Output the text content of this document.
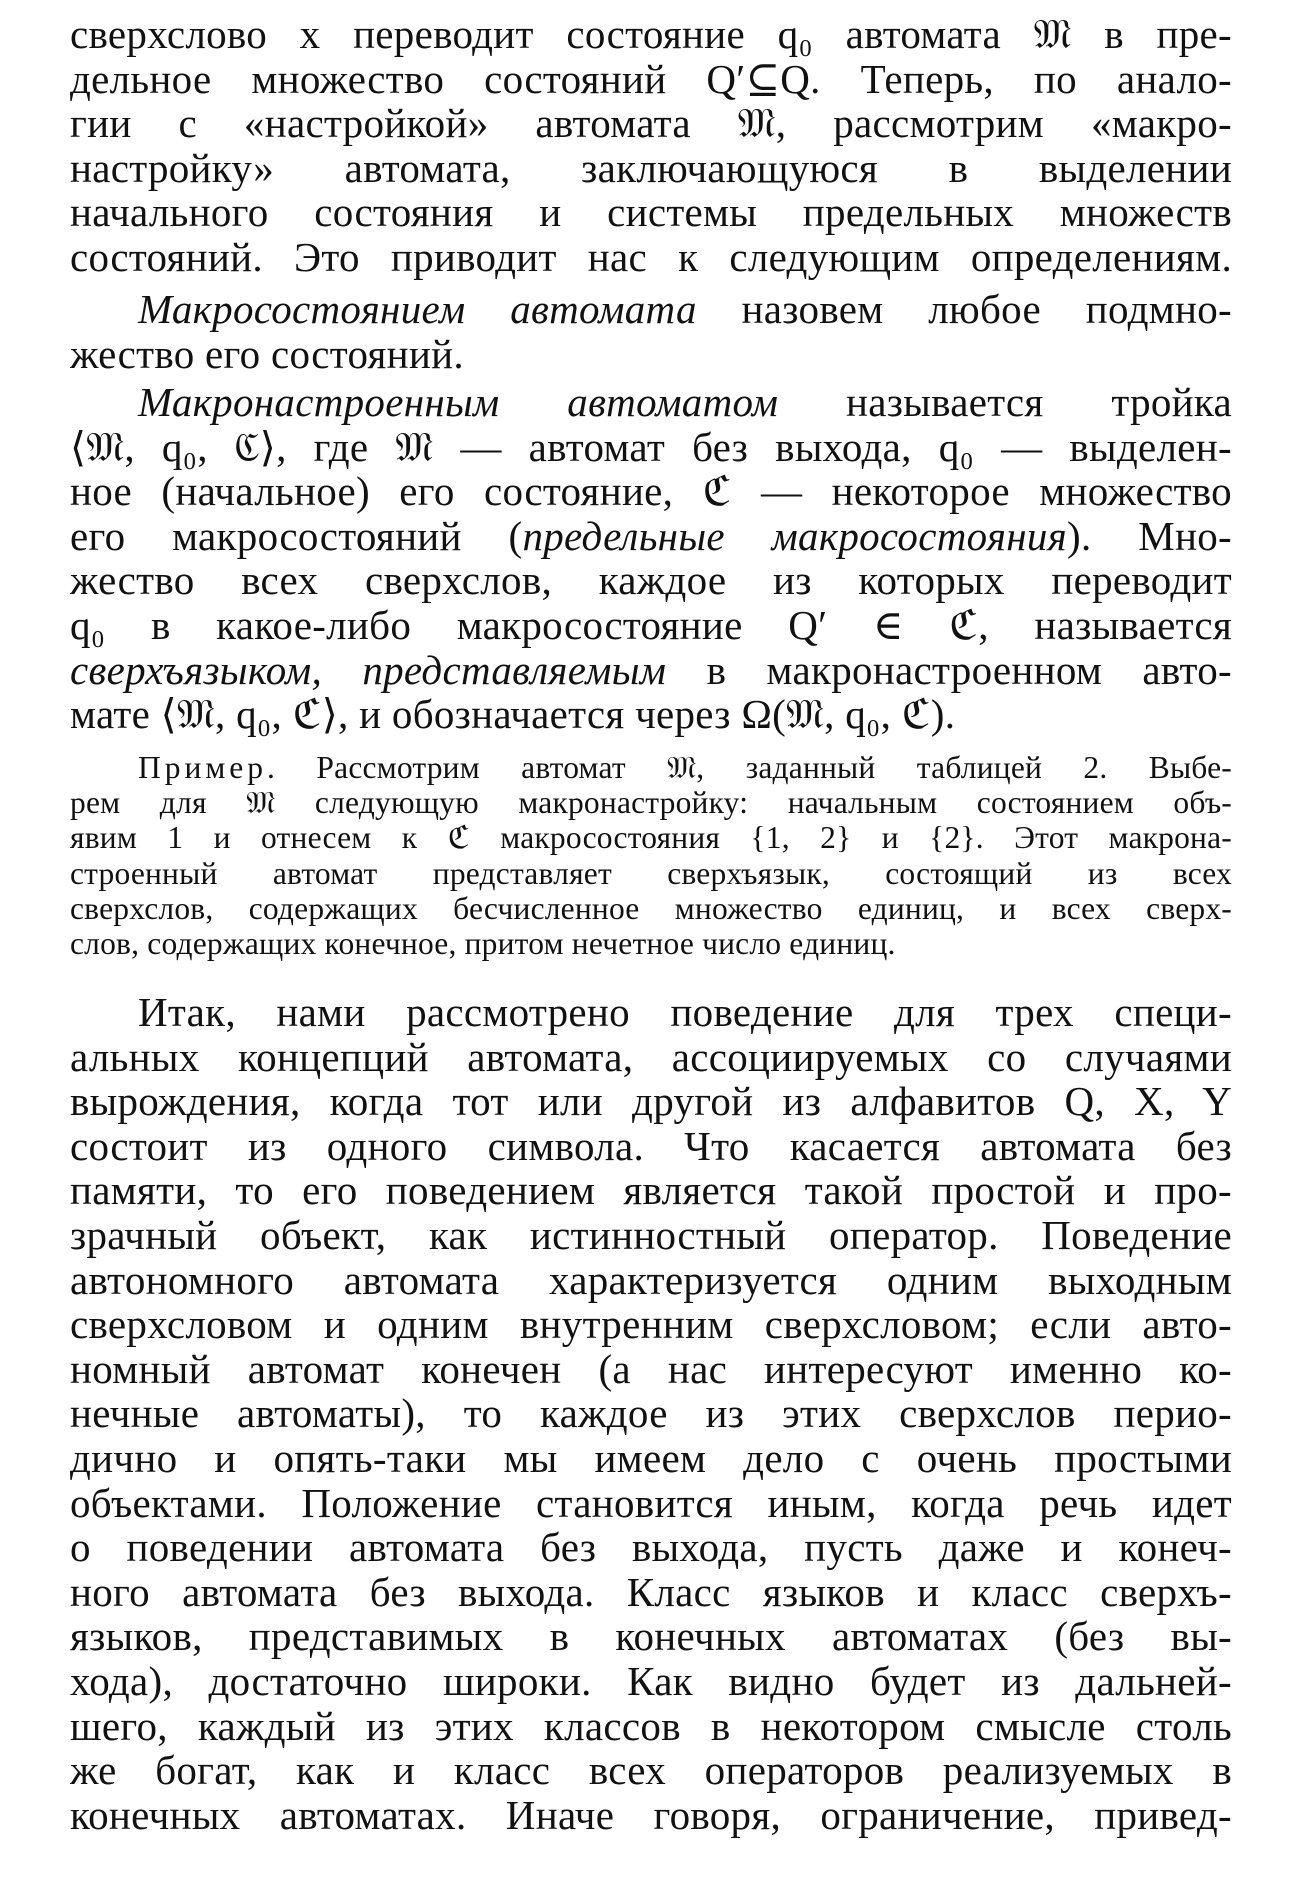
сверхслово x переводит состояние q₀ автомата 𝔐 в пре-
дельное множество состояний Q′⊆Q. Теперь, по анало-
гии с «настройкой» автомата 𝔐, рассмотрим «макро-
настройку» автомата, заключающуюся в выделении
начального состояния и системы предельных множеств
состояний. Это приводит нас к следующим определениям.
Макросостоянием автомата назовем любое подмно-
жество его состояний.
Макронастроенным автоматом называется тройка
⟨𝔐, q₀, ℭ⟩, где 𝔐 — автомат без выхода, q₀ — выделен-
ное (начальное) его состояние, ℭ — некоторое множество
его макросостояний (предельные макросостояния). Мно-
жество всех сверхслов, каждое из которых переводит
q₀ в какое-либо макросостояние Q′ ∈ ℭ, называется
сверхъязыком, представляемым в макронастроенном авто-
мате ⟨𝔐, q₀, ℭ⟩, и обозначается через Ω(𝔐, q₀, ℭ).
Пример. Рассмотрим автомат 𝔐, заданный таблицей 2. Выбе-
рем для 𝔐 следующую макронастройку: начальным состоянием объ-
явим 1 и отнесем к ℭ макросостояния {1, 2} и {2}. Этот макрона-
строенный автомат представляет сверхъязык, состоящий из всех
сверхслов, содержащих бесчисленное множество единиц, и всех сверх-
слов, содержащих конечное, притом нечетное число единиц.
Итак, нами рассмотрено поведение для трех специ-
альных концепций автомата, ассоциируемых со случаями
вырождения, когда тот или другой из алфавитов Q, X, Y
состоит из одного символа. Что касается автомата без
памяти, то его поведением является такой простой и про-
зрачный объект, как истинностный оператор. Поведение
автономного автомата характеризуется одним выходным
сверхсловом и одним внутренним сверхсловом; если авто-
номный автомат конечен (а нас интересуют именно ко-
нечные автоматы), то каждое из этих сверхслов перио-
дично и опять-таки мы имеем дело с очень простыми
объектами. Положение становится иным, когда речь идет
о поведении автомата без выхода, пусть даже и конеч-
ного автомата без выхода. Класс языков и класс сверхъ-
языков, представимых в конечных автоматах (без вы-
хода), достаточно широки. Как видно будет из дальней-
шего, каждый из этих классов в некотором смысле столь
же богат, как и класс всех операторов реализуемых в
конечных автоматах. Иначе говоря, ограничение, привед-
